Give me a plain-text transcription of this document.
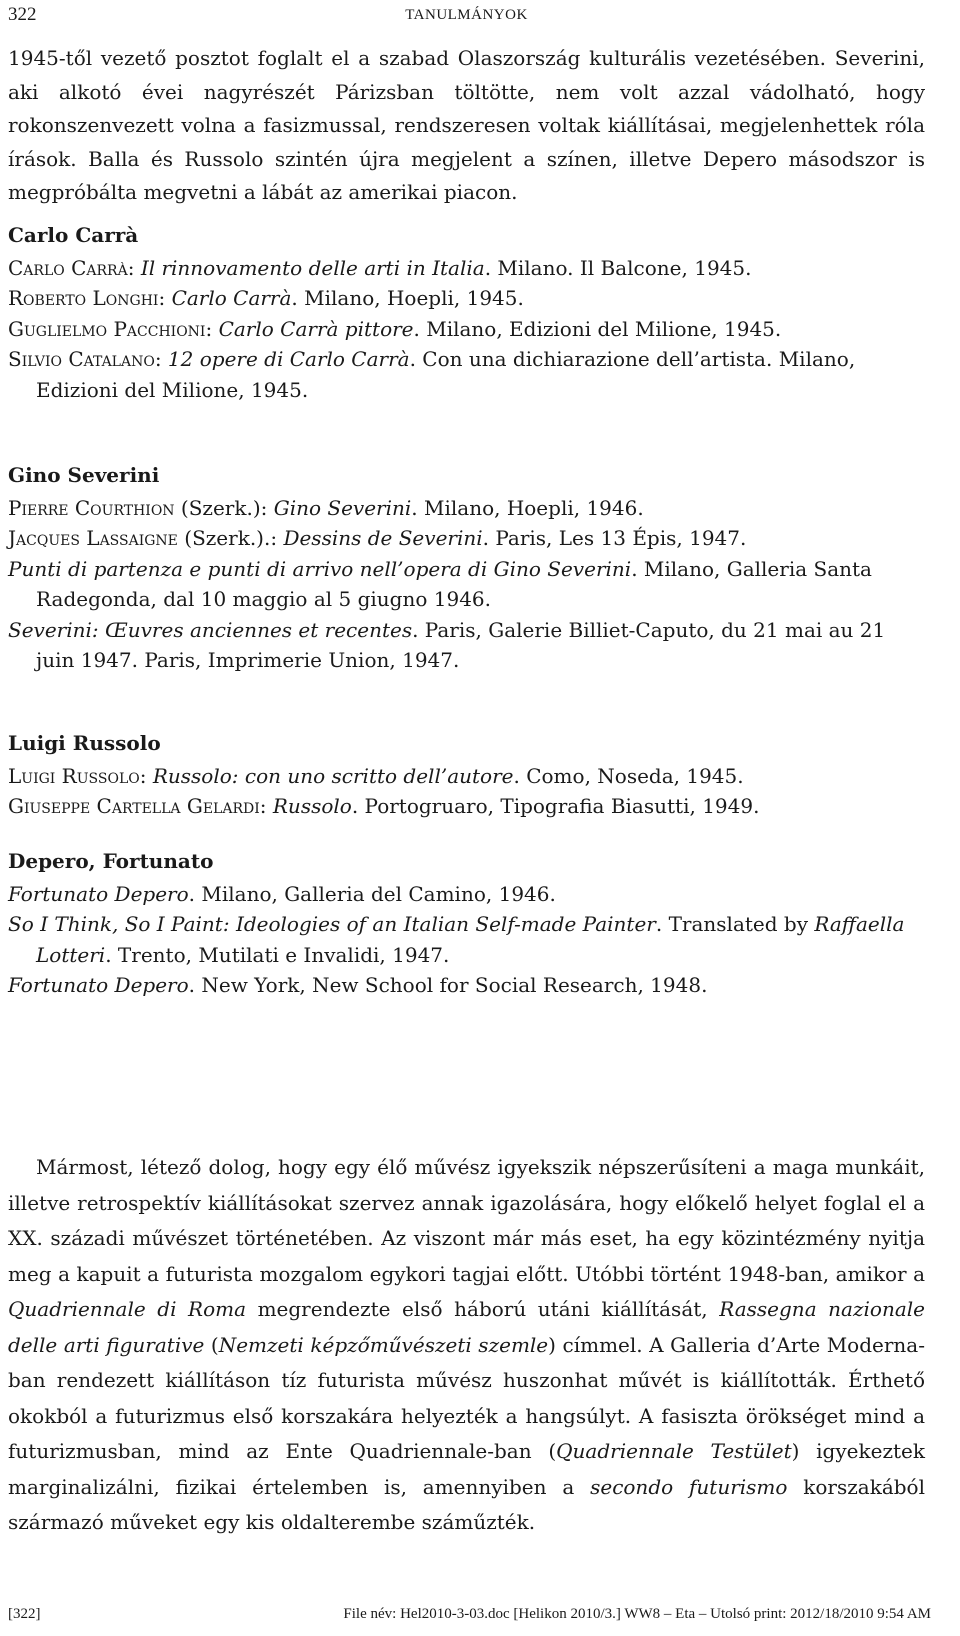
322	TANULMÁNYOK

1945-től vezető posztot foglalt el a szabad Olaszország kulturális vezetésében. Severini, aki alkotó évei nagyrészét Párizsban töltötte, nem volt azzal vádolható, hogy rokonszenvezett volna a fasizmussal, rendszeresen voltak kiállításai, megjelenhettek róla írások. Balla és Russolo szintén újra megjelent a színen, illetve Depero másodszor is megpróbálta megvetni a lábát az amerikai piacon.

Carlo Carrà

Carlo Carrà: Il rinnovamento delle arti in Italia. Milano. Il Balcone, 1945.

Roberto Longhi: Carlo Carrà. Milano, Hoepli, 1945.

Guglielmo Pacchioni: Carlo Carrà pittore. Milano, Edizioni del Milione, 1945.

Silvio Catalano: 12 opere di Carlo Carrà. Con una dichiarazione dell’artista. Milano, Edizioni del Milione, 1945.

Gino Severini

Pierre Courthion (Szerk.): Gino Severini. Milano, Hoepli, 1946.

Jacques Lassaigne (Szerk.).: Dessins de Severini. Paris, Les 13 Épis, 1947.

Punti di partenza e punti di arrivo nell’opera di Gino Severini. Milano, Galleria Santa Radegonda, dal 10 maggio al 5 giugno 1946.

Severini: Œuvres anciennes et recentes. Paris, Galerie Billiet-Caputo, du 21 mai au 21 juin 1947. Paris, Imprimerie Union, 1947.

Luigi Russolo

Luigi Russolo: Russolo: con uno scritto dell’autore. Como, Noseda, 1945.

Giuseppe Cartella Gelardi: Russolo. Portogruaro, Tipografia Biasutti, 1949.

Depero, Fortunato

Fortunato Depero. Milano, Galleria del Camino, 1946.

So I Think, So I Paint: Ideologies of an Italian Self-made Painter. Translated by Raffaella Lotteri. Trento, Mutilati e Invalidi, 1947.

Fortunato Depero. New York, New School for Social Research, 1948.

Mármost, létező dolog, hogy egy élő művész igyekszik népszerűsíteni a maga munkáit, illetve retrospektív kiállításokat szervez annak igazolására, hogy előkelő helyet foglal el a XX. századi művészet történetében. Az viszont már más eset, ha egy közintézmény nyitja meg a kapuit a futurista mozgalom egykori tagjai előtt. Utóbbi történt 1948-ban, amikor a Quadriennale di Roma megrendezte első háború utáni kiállítását, Rassegna nazionale delle arti figurative (Nemzeti képzőművészeti szemle) címmel. A Galleria d’Arte Moderna-ban rendezett kiállításon tíz futurista művész huszonhat művét is kiállították. Érthető okokból a futurizmus első korszakára helyezték a hangsúlyt. A fasiszta örökséget mind a futurizmusban, mind az Ente Quadriennale-ban (Quadriennale Testület) igyekeztek marginalizálni, fizikai értelemben is, amennyiben a secondo futurismo korszakából származó műveket egy kis oldalterembe száműzték.

[322]	File név: Hel2010-3-03.doc [Helikon 2010/3.] WW8 – Eta – Utolsó print: 2012/18/2010 9:54 AM
